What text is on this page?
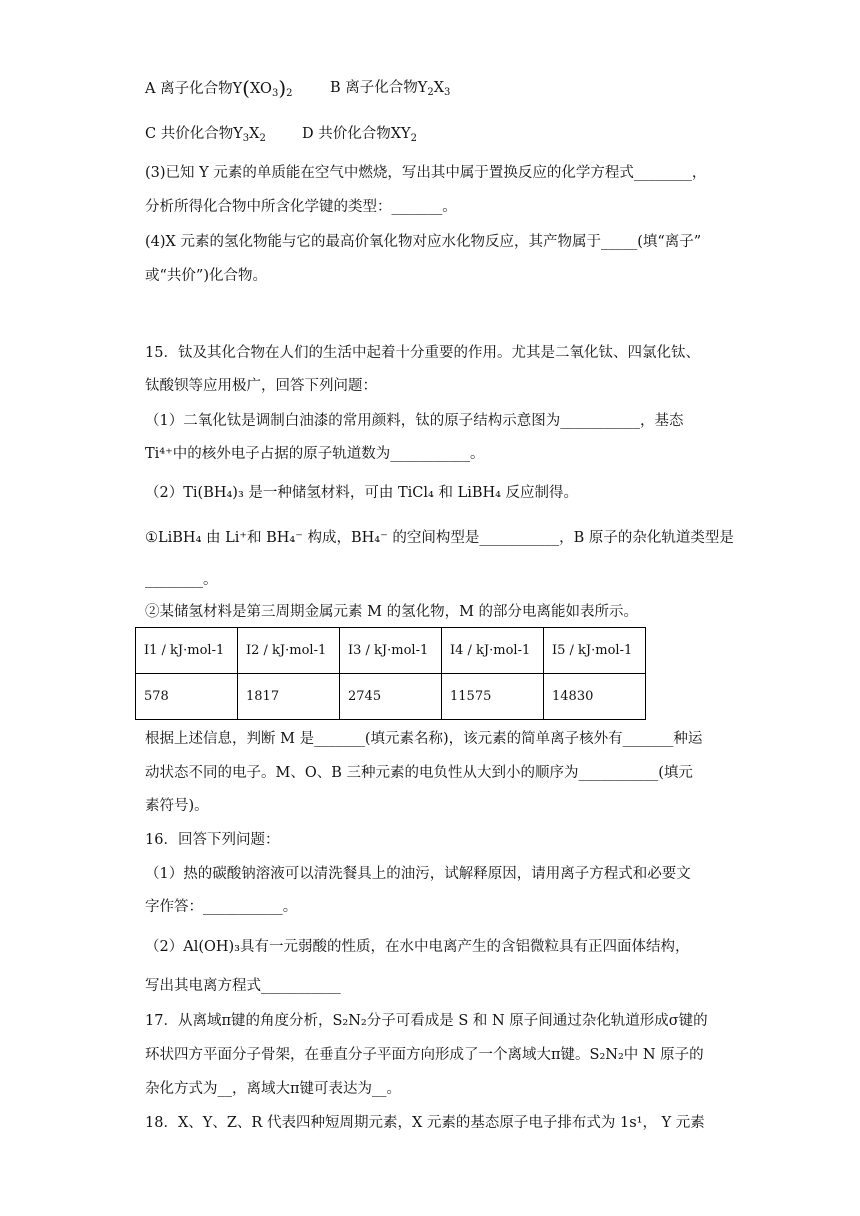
A 离子化合物$Y(XO_3)_2$	B 离子化合物$Y_2X_3$
C 共价化合物$Y_3X_2$ D 共价化合物$XY_2$
(3)已知 Y 元素的单质能在空气中燃烧，写出其中属于置换反应的化学方程式________，
分析所得化合物中所含化学键的类型：_______。
(4)X 元素的氢化物能与它的最高价氧化物对应水化物反应，其产物属于_____(填“离子”
或“共价”)化合物。
15．钛及其化合物在人们的生活中起着十分重要的作用。尤其是二氧化钛、四氯化钛、
钛酸钡等应用极广，回答下列问题：
（1）二氧化钛是调制白油漆的常用颜料，钛的原子结构示意图为___________，基态
Ti⁴⁺中的核外电子占据的原子轨道数为___________。
（2）Ti(BH₄)₃ 是一种储氢材料，可由 TiCl₄ 和 LiBH₄ 反应制得。
①LiBH₄ 由 Li⁺和 BH₄⁻ 构成，BH₄⁻ 的空间构型是___________，B 原子的杂化轨道类型是
________。
②某储氢材料是第三周期金属元素 M 的氢化物，M 的部分电离能如表所示。
I1 / kJ·mol-1	I2 / kJ·mol-1	I3 / kJ·mol-1	I4 / kJ·mol-1	I5 / kJ·mol-1
578	1817	2745	11575	14830
根据上述信息，判断 M 是_______(填元素名称)，该元素的简单离子核外有_______种运
动状态不同的电子。M、O、B 三种元素的电负性从大到小的顺序为___________(填元
素符号)。
16．回答下列问题：
（1）热的碳酸钠溶液可以清洗餐具上的油污，试解释原因，请用离子方程式和必要文
字作答：___________。
（2）Al(OH)₃具有一元弱酸的性质，在水中电离产生的含铝微粒具有正四面体结构，
写出其电离方程式___________
17．从离域π键的角度分析，S₂N₂分子可看成是 S 和 N 原子间通过杂化轨道形成σ键的
环状四方平面分子骨架，在垂直分子平面方向形成了一个离域大π键。S₂N₂中 N 原子的
杂化方式为__，离域大π键可表达为__。
18．X、Y、Z、R 代表四种短周期元素，X 元素的基态原子电子排布式为 1s¹， Y 元素
